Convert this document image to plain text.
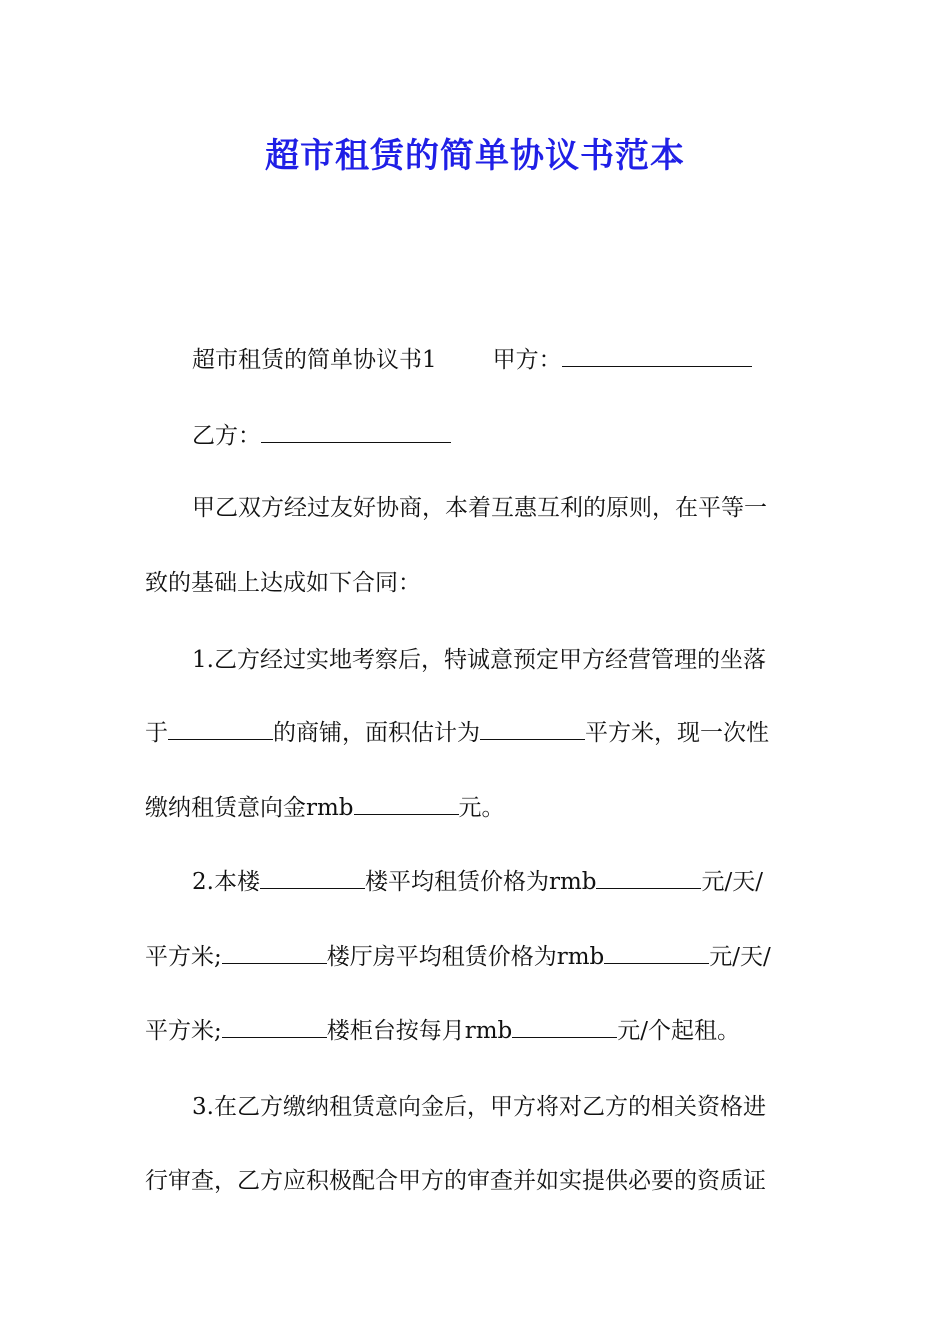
超市租赁的简单协议书范本
超市租赁的简单协议书1 甲方：
乙方：
甲乙双方经过友好协商，本着互惠互利的原则，在平等一
致的基础上达成如下合同：
1.乙方经过实地考察后，特诚意预定甲方经营管理的坐落
于	的商铺，面积估计为	平方米，现一次性
缴纳租赁意向金rmb	元。
2.本楼	楼平均租赁价格为rmb	元/天/
平方米;	楼厅房平均租赁价格为rmb	元/天/
平方米;	楼柜台按每月rmb	元/个起租。
3.在乙方缴纳租赁意向金后，甲方将对乙方的相关资格进
行审查，乙方应积极配合甲方的审查并如实提供必要的资质证
